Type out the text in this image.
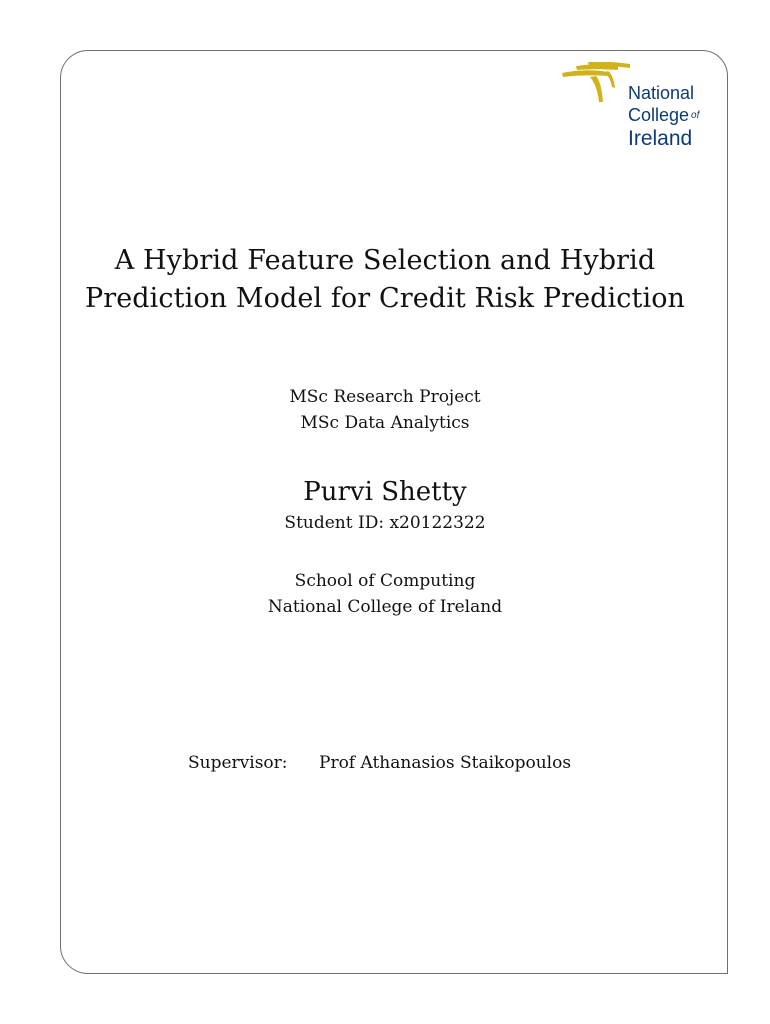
National
College of
Ireland
A Hybrid Feature Selection and Hybrid
Prediction Model for Credit Risk Prediction
MSc Research Project
MSc Data Analytics
Purvi Shetty
Student ID: x20122322
School of Computing
National College of Ireland
Supervisor: Prof Athanasios Staikopoulos
